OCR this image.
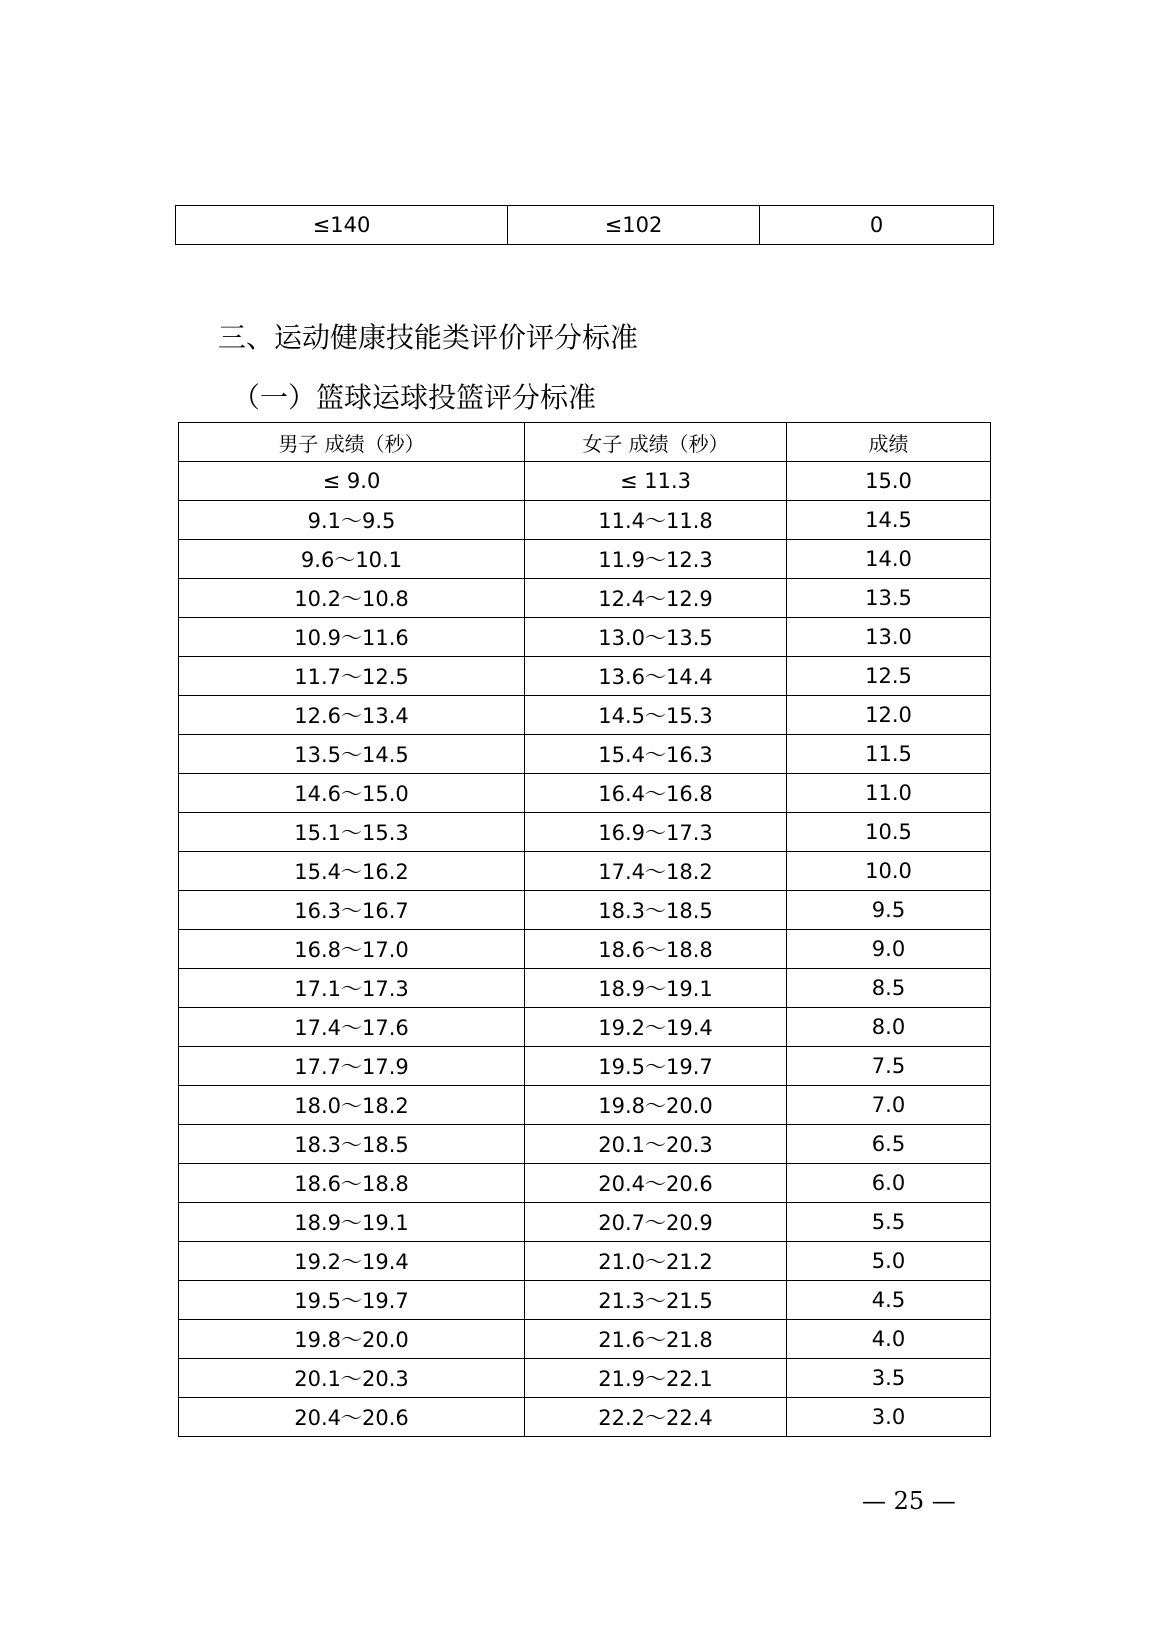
≤140	≤102	0
三、运动健康技能类评价评分标准
（一）篮球运球投篮评分标准
男子 成绩（秒）	女子 成绩（秒）	成绩
≤ 9.0	≤ 11.3	15.0
9.1～9.5	11.4～11.8	14.5
9.6～10.1	11.9～12.3	14.0
10.2～10.8	12.4～12.9	13.5
10.9～11.6	13.0～13.5	13.0
11.7～12.5	13.6～14.4	12.5
12.6～13.4	14.5～15.3	12.0
13.5～14.5	15.4～16.3	11.5
14.6～15.0	16.4～16.8	11.0
15.1～15.3	16.9～17.3	10.5
15.4～16.2	17.4～18.2	10.0
16.3～16.7	18.3～18.5	9.5
16.8～17.0	18.6～18.8	9.0
17.1～17.3	18.9～19.1	8.5
17.4～17.6	19.2～19.4	8.0
17.7～17.9	19.5～19.7	7.5
18.0～18.2	19.8～20.0	7.0
18.3～18.5	20.1～20.3	6.5
18.6～18.8	20.4～20.6	6.0
18.9～19.1	20.7～20.9	5.5
19.2～19.4	21.0～21.2	5.0
19.5～19.7	21.3～21.5	4.5
19.8～20.0	21.6～21.8	4.0
20.1～20.3	21.9～22.1	3.5
20.4～20.6	22.2～22.4	3.0
— 25 —
